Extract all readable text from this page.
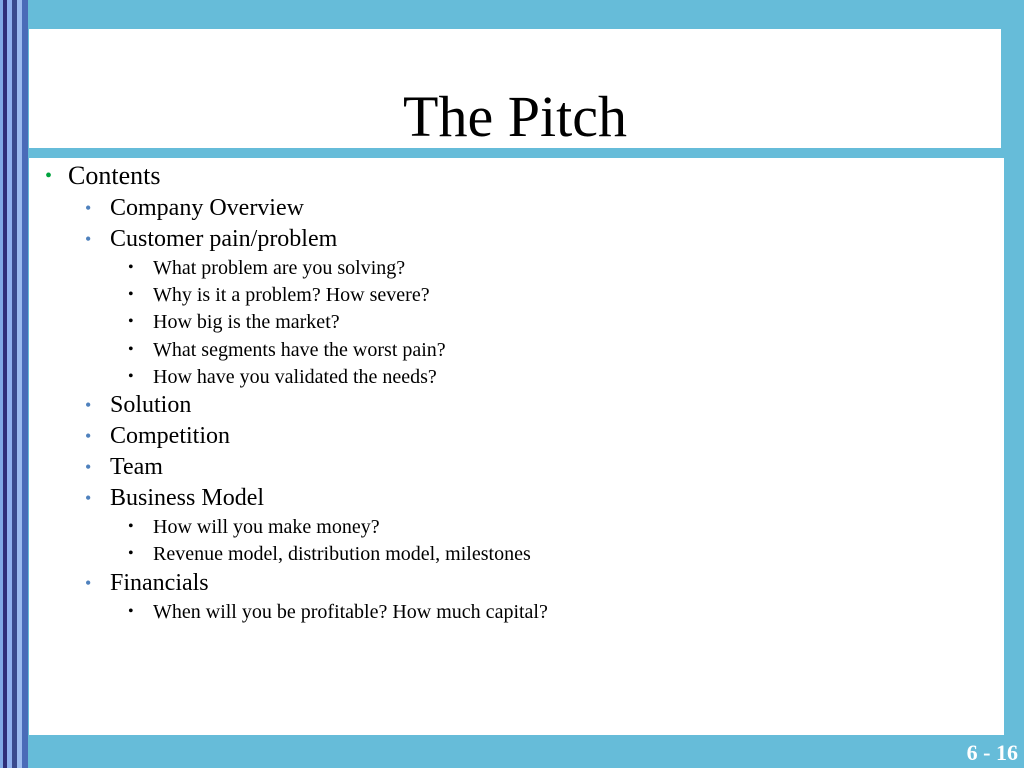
The Pitch
• Contents
• Company Overview
• Customer pain/problem
• What problem are you solving?
• Why is it a problem? How severe?
• How big is the market?
• What segments have the worst pain?
• How have you validated the needs?
• Solution
• Competition
• Team
• Business Model
• How will you make money?
• Revenue model, distribution model, milestones
• Financials
• When will you be profitable? How much capital?
6 - 16
